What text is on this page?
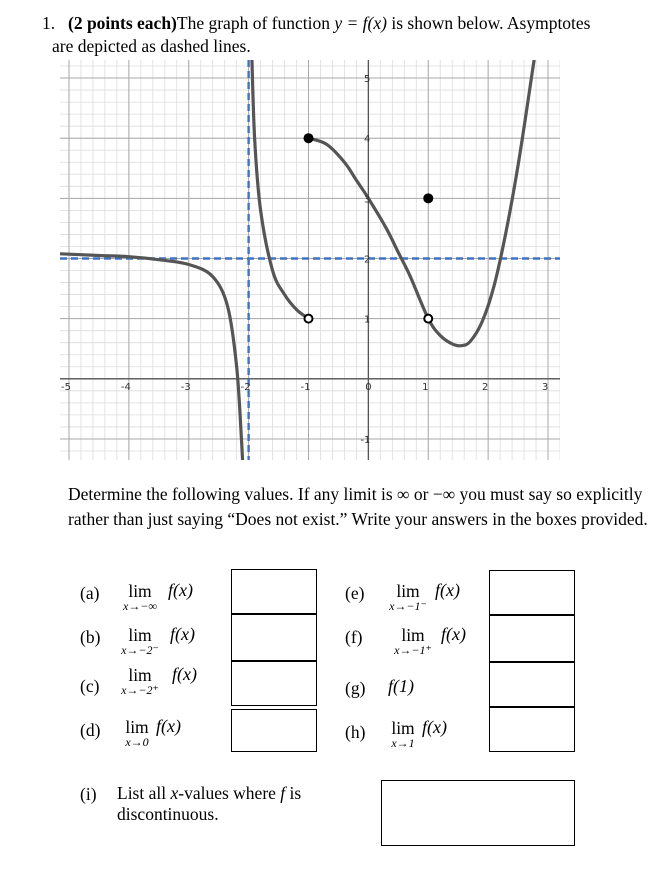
1. (2 points each)The graph of function y = f(x) is shown below. Asymptotes
are depicted as dashed lines.
-5	-4	-3	-2	-1	0	1	2	3
-1
1
2
3
4
5
Determine the following values. If any limit is ∞ or −∞ you must say so explicitly rather than just saying “Does not exist.” Write your answers in the boxes provided.
(a)	lim
x→−∞
f(x)
(b)	lim
x→−2⁻
f(x)
(c)
lim
x→−2⁺
f(x)
(d) lim
x→0
f(x)
(e)	lim
x→−1⁻
f(x)
(f)	lim
x→−1⁺
f(x)
(g) f(1)
(h) lim
x→1
f(x)
(i) List all x-values where f is discontinuous.
